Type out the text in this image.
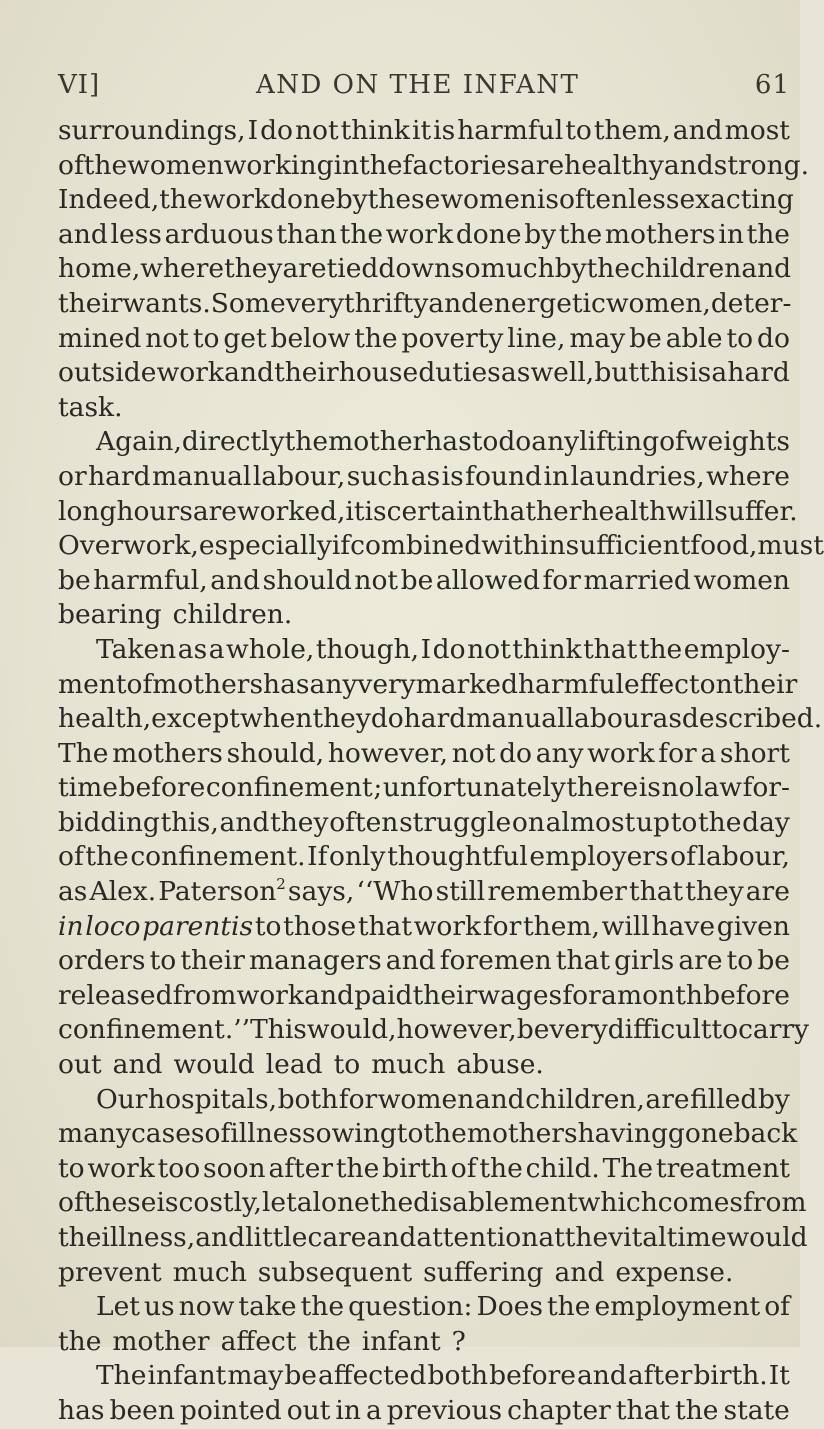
VI]	AND ON THE INFANT	61
surroundings, I do not think it is harmful to them, and most
of the women working in the factories are healthy and strong.
Indeed, the work done by these women is often less exacting
and less arduous than the work done by the mothers in the
home, where they are tied down so much by the children and
their wants. Some very thrifty and energetic women, deter-
mined not to get below the poverty line, may be able to do
outside work and their house duties as well, but this is a hard
task.
Again, directly the mother has to do any lifting of weights
or hard manual labour, such as is found in laundries, where
long hours are worked, it is certain that her health will suffer.
Overwork, especially if combined with insufficient food, must
be harmful, and should not be allowed for married women
bearing children.
Taken as a whole, though, I do not think that the employ-
ment of mothers has any very marked harmful effect on their
health, except when they do hard manual labour as described.
The mothers should, however, not do any work for a short
time before confinement ; unfortunately there is no law for-
bidding this, and they often struggle on almost up to the day
of the confinement. If only thoughtful employers of labour,
as Alex. Paterson$^2$ says, ‘‘Who still remember that they are
in loco parentis to those that work for them, will have given
orders to their managers and foremen that girls are to be
released from work and paid their wages for a month before
confinement.’’ This would, however, be very difficult to carry
out and would lead to much abuse.
Our hospitals, both for women and children, are filled by
many cases of illness owing to the mothers having gone back
to work too soon after the birth of the child. The treatment
of these is costly, let alone the disablement which comes from
the illness, and little care and attention at the vital time would
prevent much subsequent suffering and expense.
Let us now take the question: Does the employment of
the mother affect the infant ?
The infant may be affected both before and after birth. It
has been pointed out in a previous chapter that the state
